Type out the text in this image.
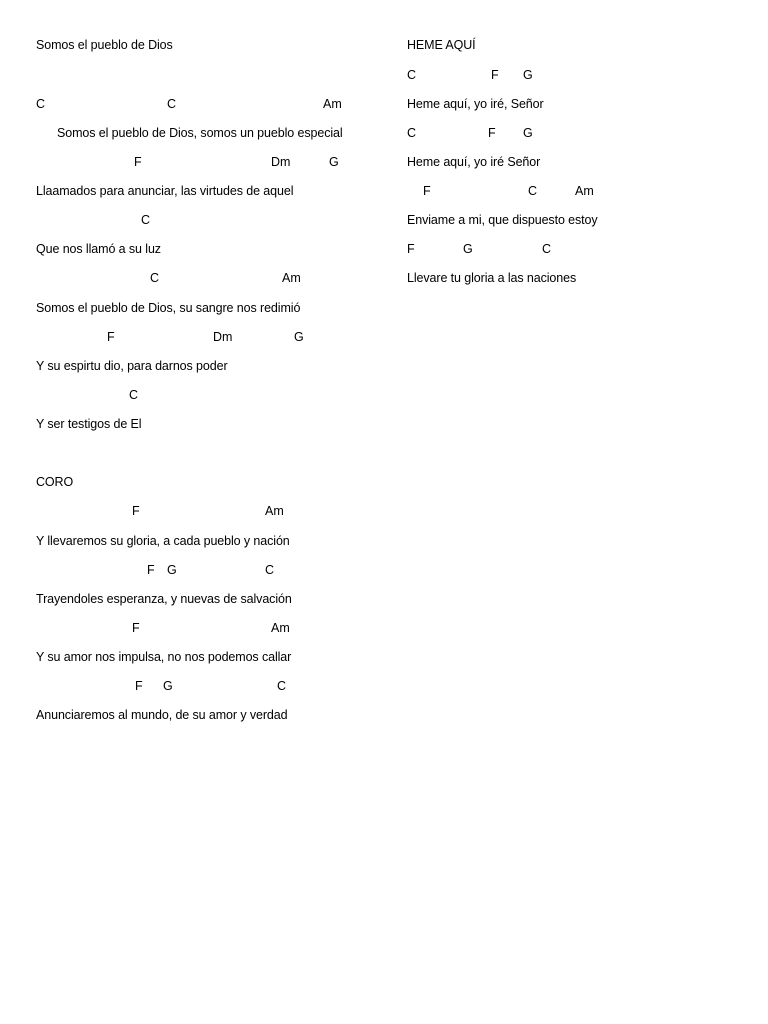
Somos el pueblo de Dios
C	C	Am
Somos el pueblo de Dios, somos un pueblo especial
F	Dm	G
Llaamados para anunciar, las virtudes de aquel
C
Que nos llamó a su luz
C	Am
Somos el pueblo de Dios, su sangre nos redimió
F	Dm	G
Y su espirtu dio, para darnos poder
C
Y ser testigos de El
CORO
F	Am
Y llevaremos su gloria, a cada pueblo y nación
F G	C
Trayendoles esperanza, y nuevas de salvación
F	Am
Y su amor nos impulsa, no nos podemos callar
F G	C
Anunciaremos al mundo, de su amor y verdad
HEME AQUÍ
C	F G
Heme aquí, yo iré, Señor
C	F G
Heme aquí, yo iré Señor
F	C	Am
Enviame a mi, que dispuesto estoy
F	G	C
Llevare tu gloria a las naciones
